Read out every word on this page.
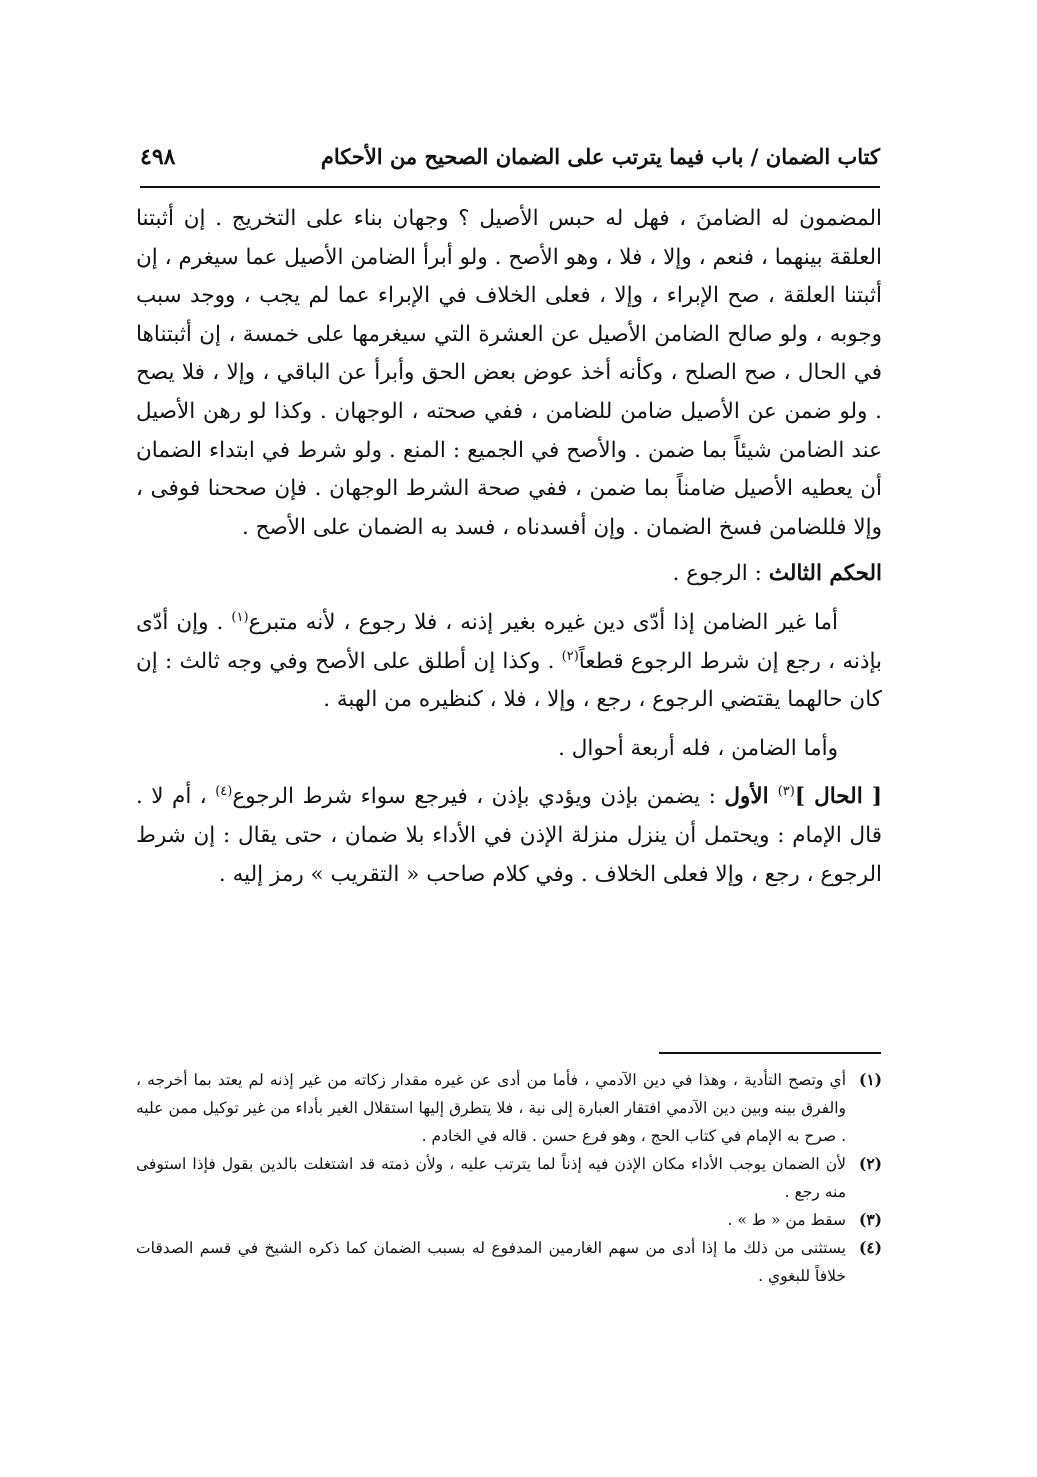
كتاب الضمان / باب فيما يترتب على الضمان الصحيح من الأحكام
٤٩٨

المضمون له الضامنَ ، فهل له حبس الأصيل ؟ وجهان بناء على التخريج . إن أثبتنا العلقة بينهما ، فنعم ، وإلا ، فلا ، وهو الأصح . ولو أبرأ الضامن الأصيل عما سيغرم ، إن أثبتنا العلقة ، صح الإبراء ، وإلا ، فعلى الخلاف في الإبراء عما لم يجب ، ووجد سبب وجوبه ، ولو صالح الضامن الأصيل عن العشرة التي سيغرمها على خمسة ، إن أثبتناها في الحال ، صح الصلح ، وكأنه أخذ عوض بعض الحق وأبرأ عن الباقي ، وإلا ، فلا يصح . ولو ضمن عن الأصيل ضامن للضامن ، ففي صحته ، الوجهان . وكذا لو رهن الأصيل عند الضامن شيئاً بما ضمن . والأصح في الجميع : المنع . ولو شرط في ابتداء الضمان أن يعطيه الأصيل ضامناً بما ضمن ، ففي صحة الشرط الوجهان . فإن صححنا فوفى ، وإلا فللضامن فسخ الضمان . وإن أفسدناه ، فسد به الضمان على الأصح .

الحكم الثالث : الرجوع .

أما غير الضامن إذا أدّى دين غيره بغير إذنه ، فلا رجوع ، لأنه متبرع$^{(١)}$ . وإن أدّى بإذنه ، رجع إن شرط الرجوع قطعاً$^{(٢)}$ . وكذا إن أطلق على الأصح وفي وجه ثالث : إن كان حالهما يقتضي الرجوع ، رجع ، وإلا ، فلا ، كنظيره من الهبة .

وأما الضامن ، فله أربعة أحوال .

[ الحال ]$^{(٣)}$ الأول : يضمن بإذن ويؤدي بإذن ، فيرجع سواء شرط الرجوع$^{(٤)}$ ، أم لا . قال الإمام : ويحتمل أن ينزل منزلة الإذن في الأداء بلا ضمان ، حتى يقال : إن شرط الرجوع ، رجع ، وإلا فعلى الخلاف . وفي كلام صاحب « التقريب » رمز إليه .

(١)
أي وتصح التأدية ، وهذا في دين الآدمي ، فأما من أدى عن غيره مقدار زكاته من غير إذنه لم يعتد بما أخرجه ، والفرق بينه وبين دين الآدمي افتقار العبارة إلى نية ، فلا يتطرق إليها استقلال الغير بأداء من غير توكيل ممن عليه . صرح به الإمام في كتاب الحج ، وهو فرع حسن . قاله في الخادم .
(٢)
لأن الضمان يوجب الأداء مكان الإذن فيه إذناً لما يترتب عليه ، ولأن ذمته قد اشتغلت بالدين بقول فإذا استوفى منه رجع .
(٣)
سقط من « ط » .
(٤)
يستثنى من ذلك ما إذا أدى من سهم الغارمين المدفوع له بسبب الضمان كما ذكره الشيخ في قسم الصدقات خلافاً للبغوي .
